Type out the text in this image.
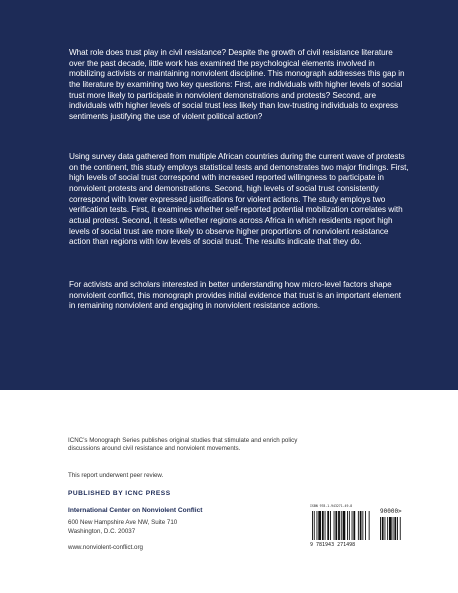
What role does trust play in civil resistance? Despite the growth of civil resistance literature over the past decade, little work has examined the psychological elements involved in mobilizing activists or maintaining nonviolent discipline. This monograph addresses this gap in the literature by examining two key questions: First, are individuals with higher levels of social trust more likely to participate in nonviolent demonstrations and protests? Second, are individuals with higher levels of social trust less likely than low-trusting individuals to express sentiments justifying the use of violent political action?

Using survey data gathered from multiple African countries during the current wave of protests on the continent, this study employs statistical tests and demonstrates two major findings. First, high levels of social trust correspond with increased reported willingness to participate in nonviolent protests and demonstrations. Second, high levels of social trust consistently correspond with lower expressed justifications for violent actions. The study employs two verification tests. First, it examines whether self-reported potential mobilization correlates with actual protest. Second, it tests whether regions across Africa in which residents report high levels of social trust are more likely to observe higher proportions of nonviolent resistance action than regions with low levels of social trust. The results indicate that they do.

For activists and scholars interested in better understanding how micro-level factors shape nonviolent conflict, this monograph provides initial evidence that trust is an important element in remaining nonviolent and engaging in nonviolent resistance actions.

ICNC’s Monograph Series publishes original studies that stimulate and enrich policy discussions around civil resistance and nonviolent movements.

This report underwent peer review.

PUBLISHED BY ICNC PRESS

International Center on Nonviolent Conflict

600 New Hampshire Ave NW, Suite 710

Washington, D.C. 20037

www.nonviolent-conflict.org

ISBN 978-1-943271-49-8
90000>
9 781943 271498
